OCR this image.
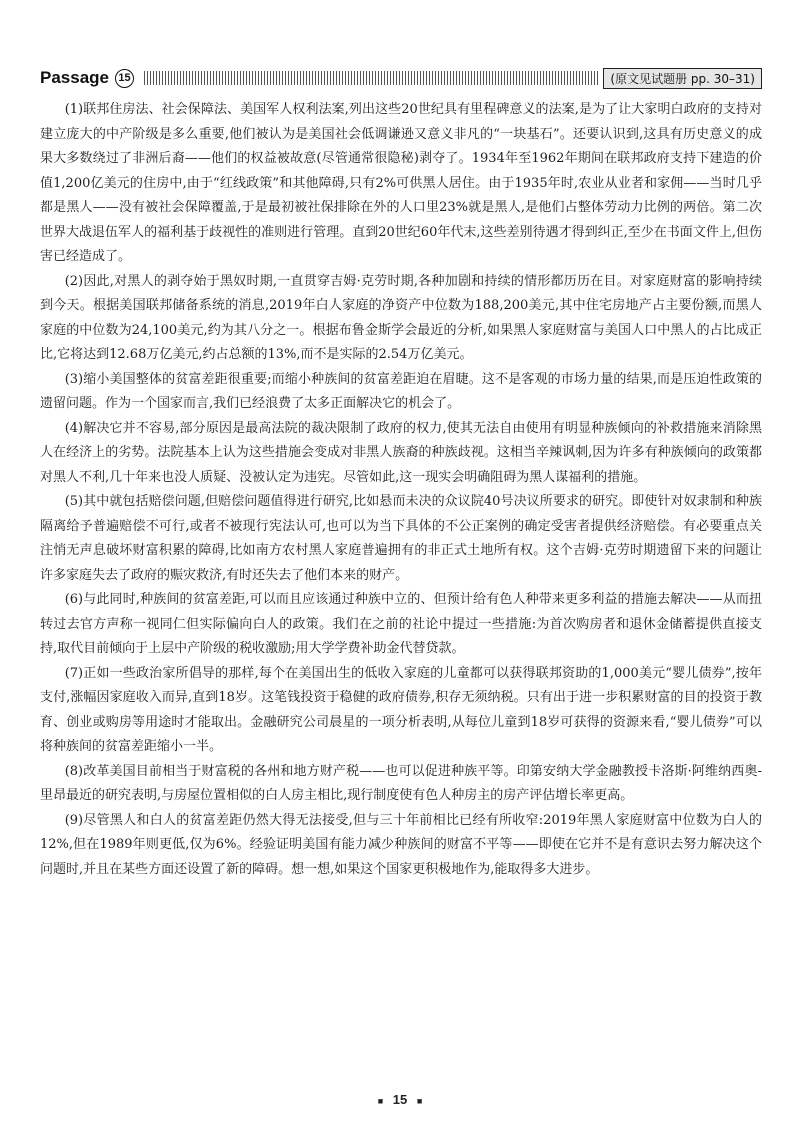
Passage 15	(原文见试题册 pp. 30–31)

(1)联邦住房法、社会保障法、美国军人权利法案,列出这些20世纪具有里程碑意义的法案,是为了让大家明白政府的支持对建立庞大的中产阶级是多么重要,他们被认为是美国社会低调谦逊又意义非凡的“一块基石”。还要认识到,这具有历史意义的成果大多数绕过了非洲后裔——他们的权益被故意(尽管通常很隐秘)剥夺了。1934年至1962年期间在联邦政府支持下建造的价值1,200亿美元的住房中,由于“红线政策”和其他障碍,只有2%可供黑人居住。由于1935年时,农业从业者和家佣——当时几乎都是黑人——没有被社会保障覆盖,于是最初被社保排除在外的人口里23%就是黑人,是他们占整体劳动力比例的两倍。第二次世界大战退伍军人的福利基于歧视性的准则进行管理。直到20世纪60年代末,这些差别待遇才得到纠正,至少在书面文件上,但伤害已经造成了。

(2)因此,对黑人的剥夺始于黑奴时期,一直贯穿吉姆·克劳时期,各种加剧和持续的情形都历历在目。对家庭财富的影响持续到今天。根据美国联邦储备系统的消息,2019年白人家庭的净资产中位数为188,200美元,其中住宅房地产占主要份额,而黑人家庭的中位数为24,100美元,约为其八分之一。根据布鲁金斯学会最近的分析,如果黑人家庭财富与美国人口中黑人的占比成正比,它将达到12.68万亿美元,约占总额的13%,而不是实际的2.54万亿美元。

(3)缩小美国整体的贫富差距很重要;而缩小种族间的贫富差距迫在眉睫。这不是客观的市场力量的结果,而是压迫性政策的遗留问题。作为一个国家而言,我们已经浪费了太多正面解决它的机会了。

(4)解决它并不容易,部分原因是最高法院的裁决限制了政府的权力,使其无法自由使用有明显种族倾向的补救措施来消除黑人在经济上的劣势。法院基本上认为这些措施会变成对非黑人族裔的种族歧视。这相当辛辣讽刺,因为许多有种族倾向的政策都对黑人不利,几十年来也没人质疑、没被认定为违宪。尽管如此,这一现实会明确阻碍为黑人谋福利的措施。

(5)其中就包括赔偿问题,但赔偿问题值得进行研究,比如悬而未决的众议院40号决议所要求的研究。即使针对奴隶制和种族隔离给予普遍赔偿不可行,或者不被现行宪法认可,也可以为当下具体的不公正案例的确定受害者提供经济赔偿。有必要重点关注悄无声息破坏财富积累的障碍,比如南方农村黑人家庭普遍拥有的非正式土地所有权。这个吉姆·克劳时期遗留下来的问题让许多家庭失去了政府的赈灾救济,有时还失去了他们本来的财产。

(6)与此同时,种族间的贫富差距,可以而且应该通过种族中立的、但预计给有色人种带来更多利益的措施去解决——从而扭转过去官方声称一视同仁但实际偏向白人的政策。我们在之前的社论中提过一些措施:为首次购房者和退休金储蓄提供直接支持,取代目前倾向于上层中产阶级的税收激励;用大学学费补助金代替贷款。

(7)正如一些政治家所倡导的那样,每个在美国出生的低收入家庭的儿童都可以获得联邦资助的1,000美元“婴儿债券”,按年支付,涨幅因家庭收入而异,直到18岁。这笔钱投资于稳健的政府债券,积存无须纳税。只有出于进一步积累财富的目的投资于教育、创业或购房等用途时才能取出。金融研究公司晨星的一项分析表明,从每位儿童到18岁可获得的资源来看,“婴儿债券”可以将种族间的贫富差距缩小一半。

(8)改革美国目前相当于财富税的各州和地方财产税——也可以促进种族平等。印第安纳大学金融教授卡洛斯·阿维纳西奥-里昂最近的研究表明,与房屋位置相似的白人房主相比,现行制度使有色人种房主的房产评估增长率更高。

(9)尽管黑人和白人的贫富差距仍然大得无法接受,但与三十年前相比已经有所收窄:2019年黑人家庭财富中位数为白人的12%,但在1989年则更低,仅为6%。经验证明美国有能力减少种族间的财富不平等——即使在它并不是有意识去努力解决这个问题时,并且在某些方面还设置了新的障碍。想一想,如果这个国家更积极地作为,能取得多大进步。

■ 15 ■
